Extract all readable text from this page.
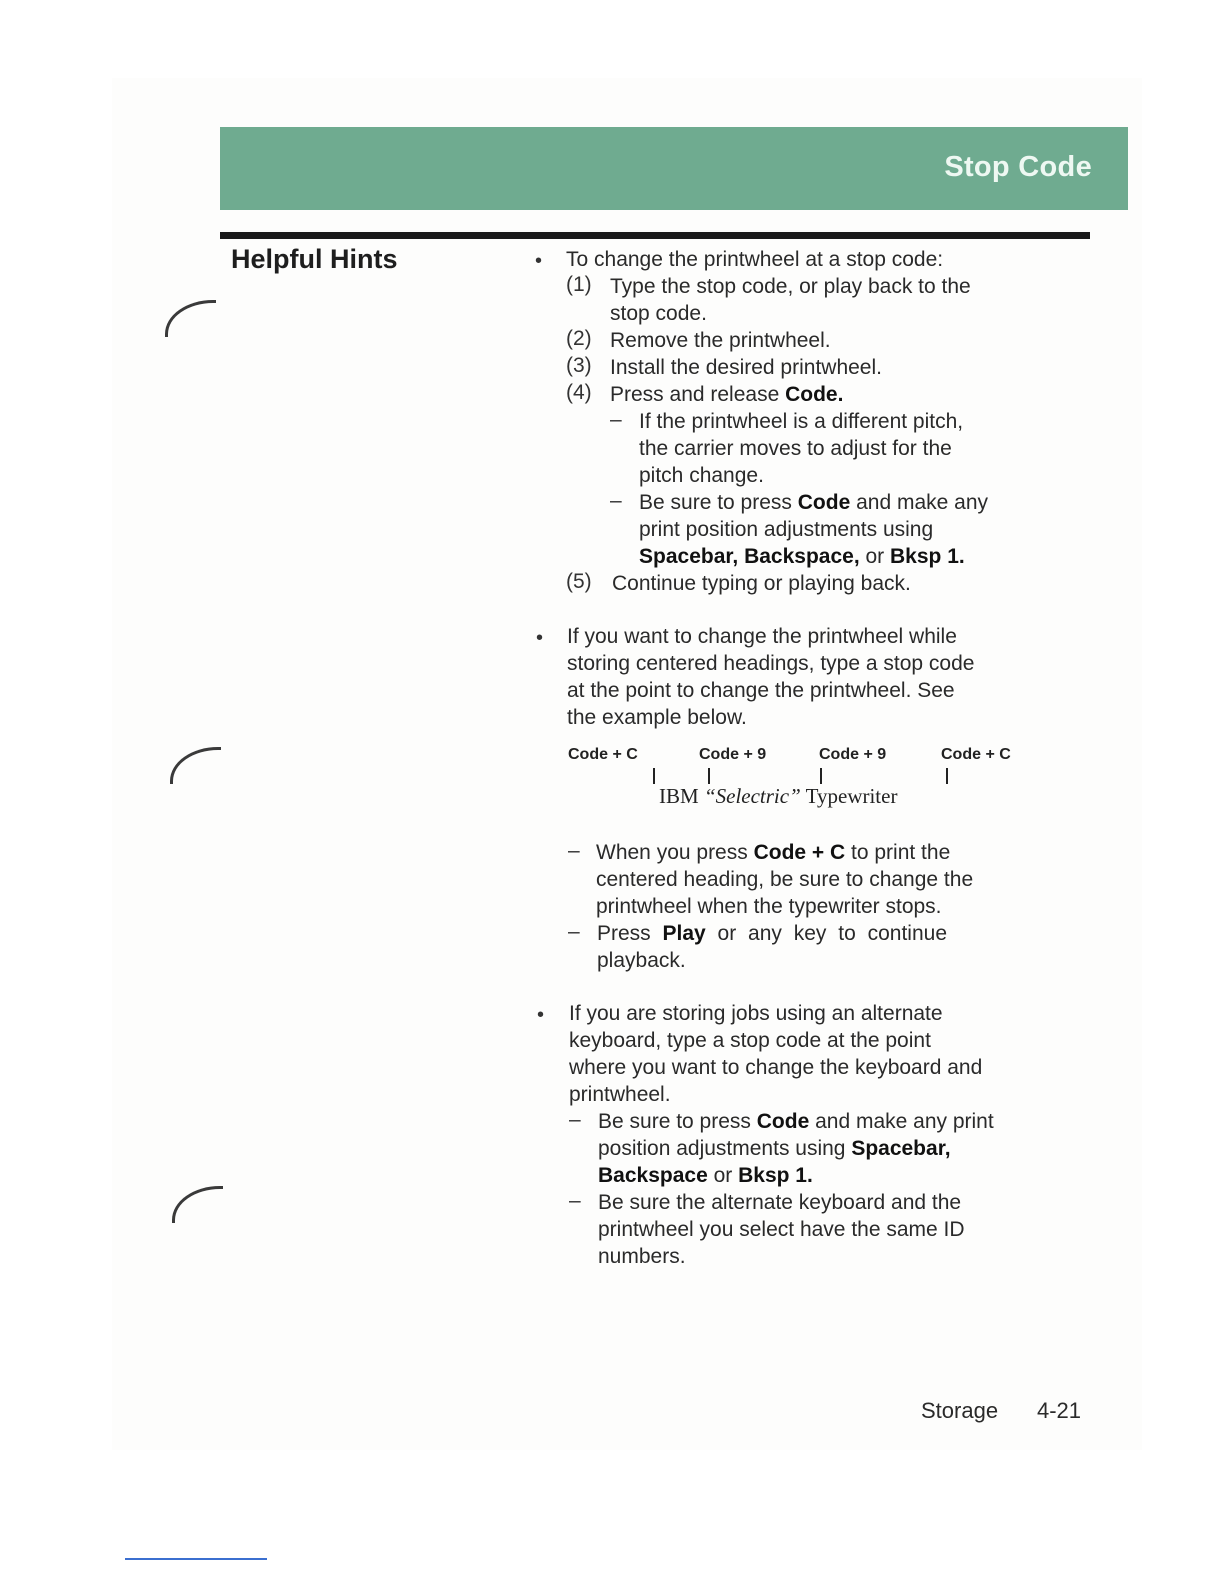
Stop Code
Helpful Hints	• To change the printwheel at a stop code:
(1) Type the stop code, or play back to the
stop code.
(2) Remove the printwheel.
(3) Install the desired printwheel.
(4) Press and release Code.
– If the printwheel is a different pitch,
the carrier moves to adjust for the
pitch change.
– Be sure to press Code and make any
print position adjustments using
Spacebar, Backspace, or Bksp 1.
(5) Continue typing or playing back.
• If you want to change the printwheel while
storing centered headings, type a stop code
at the point to change the printwheel. See
the example below.
Code + C	Code + 9	Code + 9	Code + C
IBM “Selectric” Typewriter
– When you press Code + C to print the
centered heading, be sure to change the
printwheel when the typewriter stops.
– Press Play or any key to continue
playback.
• If you are storing jobs using an alternate
keyboard, type a stop code at the point
where you want to change the keyboard and
printwheel.
– Be sure to press Code and make any print
position adjustments using Spacebar,
Backspace or Bksp 1.
– Be sure the alternate keyboard and the
printwheel you select have the same ID
numbers.
Storage 4-21
